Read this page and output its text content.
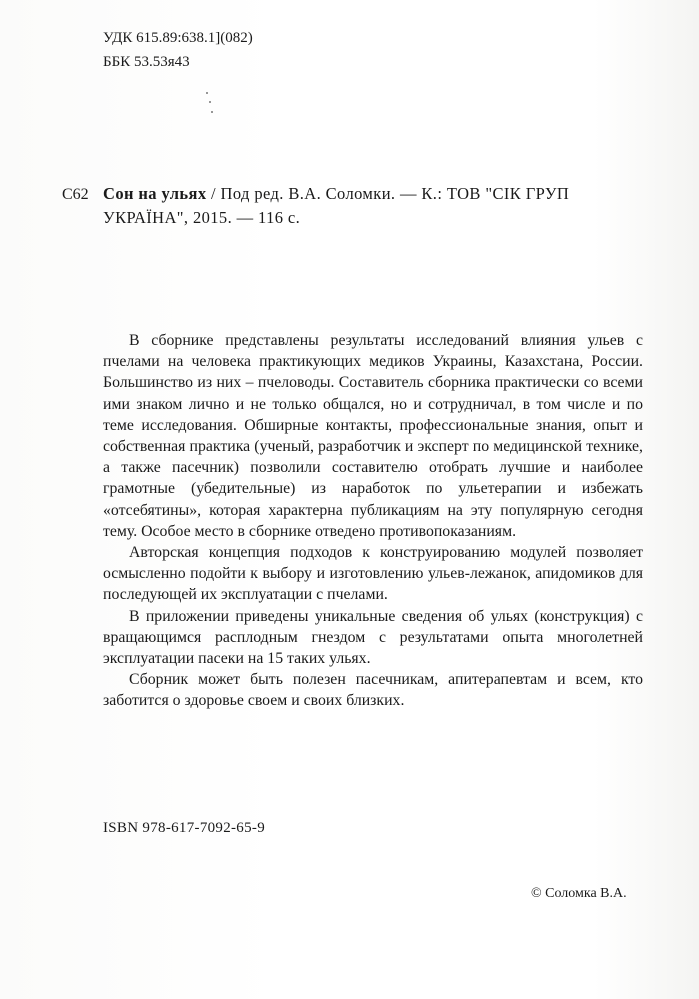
УДК 615.89:638.1](082)
ББК 53.53я43
С62 Сон на ульях / Под ред. В.А. Соломки. — К.: ТОВ "СІК ГРУП УКРАЇНА", 2015. — 116 с.

В сборнике представлены результаты исследований влияния ульев с пчелами на человека практикующих медиков Украины, Казахстана, России. Большинство из них – пчеловоды. Составитель сборника практически со всеми ими знаком лично и не только общался, но и сотрудничал, в том числе и по теме исследования. Обширные контакты, профессиональные знания, опыт и собственная практика (ученый, разработчик и эксперт по медицинской технике, а также пасечник) позволили составителю отобрать лучшие и наиболее грамотные (убедительные) из наработок по ульетерапии и избежать «отсебятины», которая характерна публикациям на эту популярную сегодня тему. Особое место в сборнике отведено противопоказаниям.

Авторская концепция подходов к конструированию модулей позволяет осмысленно подойти к выбору и изготовлению ульев-лежанок, апидомиков для последующей их эксплуатации с пчелами.

В приложении приведены уникальные сведения об ульях (конструкция) с вращающимся расплодным гнездом с результатами опыта многолетней эксплуатации пасеки на 15 таких ульях.

Сборник может быть полезен пасечникам, апитерапевтам и всем, кто заботится о здоровье своем и своих близких.

ISBN 978-617-7092-65-9
© Соломка В.А.
